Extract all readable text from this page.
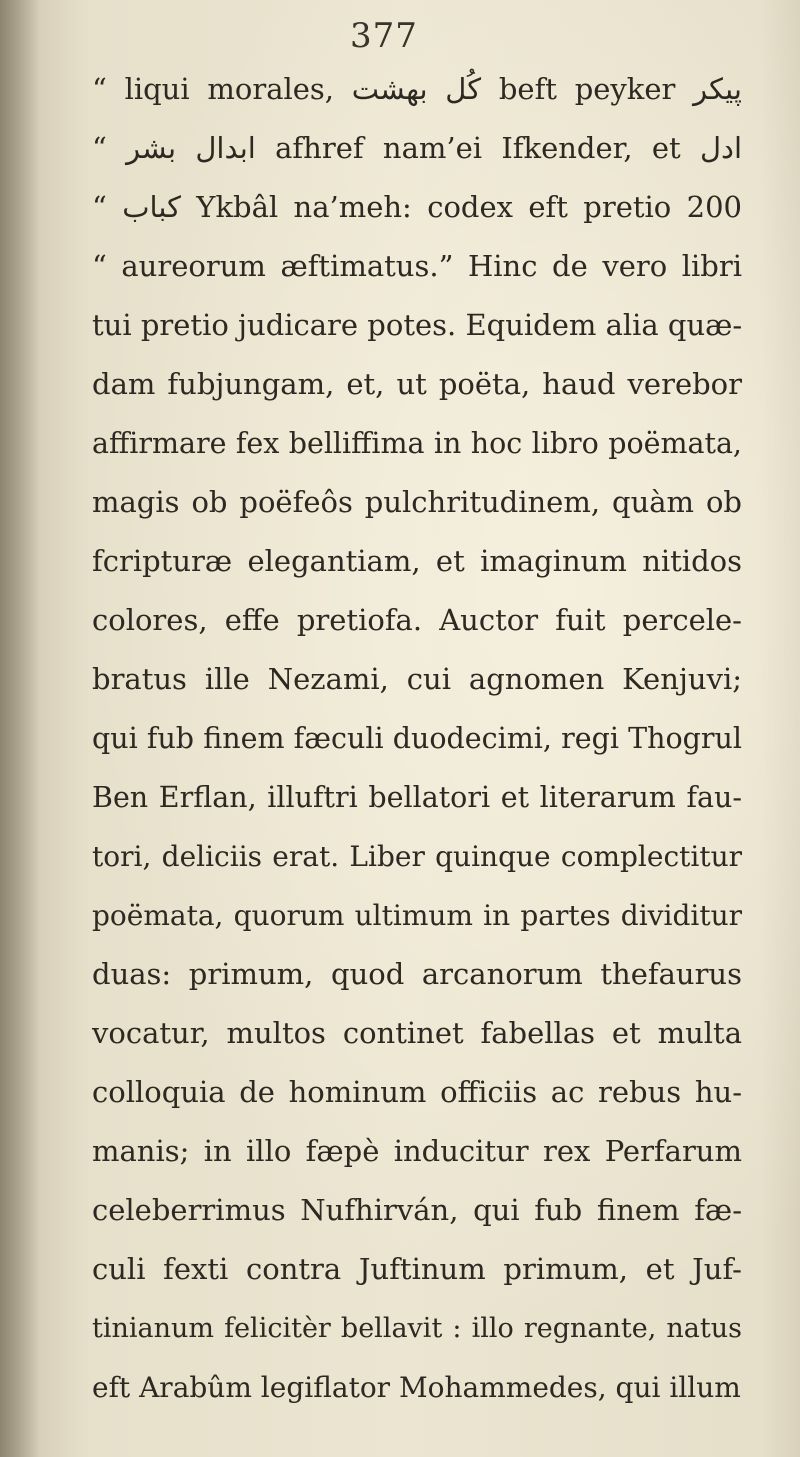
377
“ liqui morales, كُل بهشت beft peyker پیکر
“ ابدال بشر afhref nam’ei Ifkender, et ادل
“ کباب Ykbâl na’meh: codex eft pretio 200
“ aureorum æftimatus.” Hinc de vero libri
tui pretio judicare potes. Equidem alia quæ-
dam fubjungam, et, ut poëta, haud verebor
affirmare fex belliffima in hoc libro poëmata,
magis ob poëfeôs pulchritudinem, quàm ob
fcripturæ elegantiam, et imaginum nitidos
colores, effe pretiofa. Auctor fuit percele-
bratus ille Nezami, cui agnomen Kenjuvi;
qui fub finem fæculi duodecimi, regi Thogrul
Ben Erflan, illuftri bellatori et literarum fau-
tori, deliciis erat. Liber quinque complectitur
poëmata, quorum ultimum in partes dividitur
duas: primum, quod arcanorum thefaurus
vocatur, multos continet fabellas et multa
colloquia de hominum officiis ac rebus hu-
manis; in illo fæpè inducitur rex Perfarum
celeberrimus Nufhirván, qui fub finem fæ-
culi fexti contra Juftinum primum, et Juf-
tinianum felicitèr bellavit : illo regnante, natus
eft Arabûm legiflator Mohammedes, qui illum
